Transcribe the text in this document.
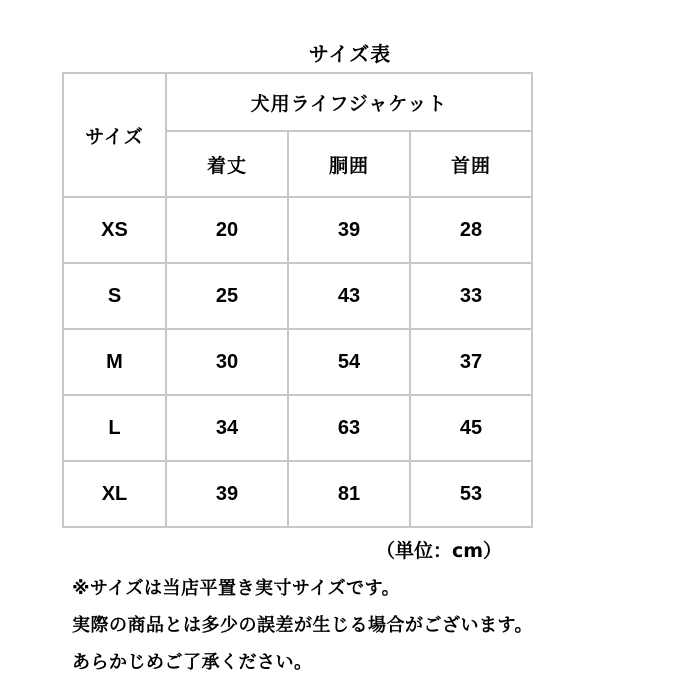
サイズ表
サイズ	犬用ライフジャケット		
	着丈	胴囲	首囲
XS	20	39	28
S	25	43	33
M	30	54	37
L	34	63	45
XL	39	81	53
（単位：cm）
※サイズは当店平置き実寸サイズです。
実際の商品とは多少の誤差が生じる場合がございます。
あらかじめご了承ください。
